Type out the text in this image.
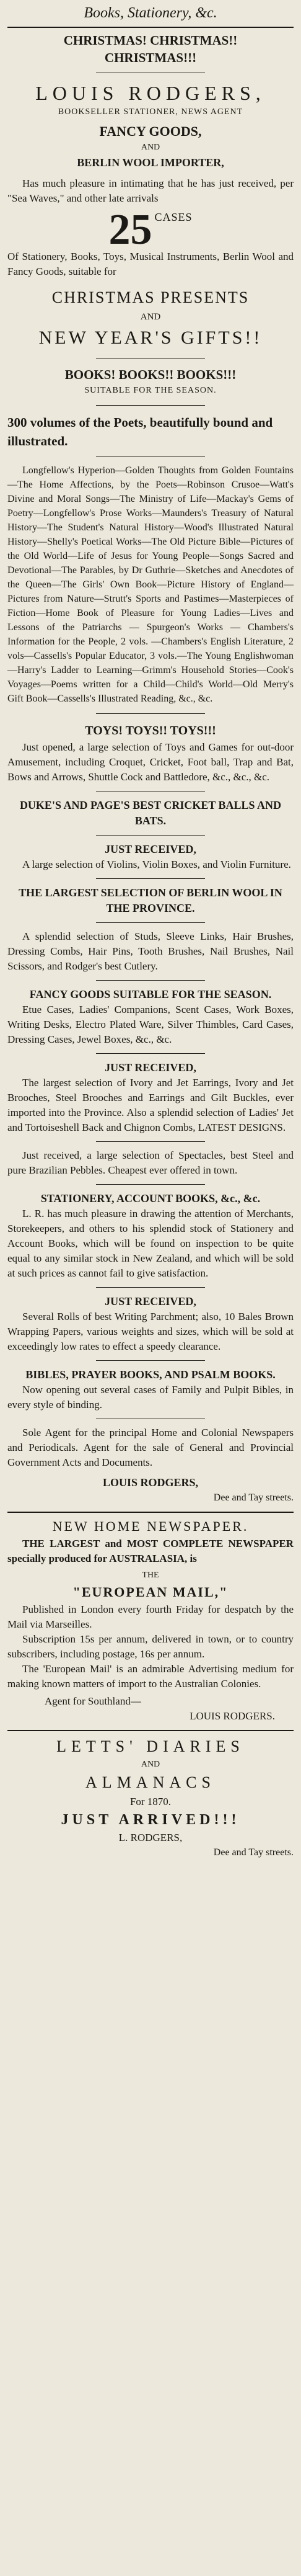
Books, Stationery, &c.

CHRISTMAS! CHRISTMAS!!

CHRISTMAS!!!

LOUIS RODGERS,

BOOKSELLER STATIONER, NEWS AGENT

FANCY GOODS,

AND

BERLIN WOOL IMPORTER,

Has much pleasure in intimating that he has just received, per "Sea Waves," and other late arrivals

25 CASES

Of Stationery, Books, Toys, Musical Instruments, Berlin Wool and Fancy Goods, suitable for

CHRISTMAS PRESENTS

AND

NEW YEAR'S GIFTS!!

BOOKS! BOOKS!! BOOKS!!!

SUITABLE FOR THE SEASON.

300 volumes of the Poets, beautifully bound and illustrated.

Longfellow's Hyperion—Golden Thoughts from Golden Fountains—The Home Affections, by the Poets—Robinson Crusoe—Watt's Divine and Moral Songs—The Ministry of Life—Mackay's Gems of Poetry—Longfellow's Prose Works—Maunders's Treasury of Natural History—The Student's Natural History—Wood's Illustrated Natural History—Shelly's Poetical Works—The Old Picture Bible—Pictures of the Old World—Life of Jesus for Young People—Songs Sacred and Devotional—The Parables, by Dr Guthrie—Sketches and Anecdotes of the Queen—The Girls' Own Book—Picture History of England—Pictures from Nature—Strutt's Sports and Pastimes—Masterpieces of Fiction—Home Book of Pleasure for Young Ladies—Lives and Lessons of the Patriarchs — Spurgeon's Works — Chambers's Information for the People, 2 vols. —Chambers's English Literature, 2 vols—Cassells's Popular Educator, 3 vols.—The Young Englishwoman—Harry's Ladder to Learning—Grimm's Household Stories—Cook's Voyages—Poems written for a Child—Child's World—Old Merry's Gift Book—Cassells's Illustrated Reading, &c., &c.

TOYS! TOYS!! TOYS!!!

Just opened, a large selection of Toys and Games for out-door Amusement, including Croquet, Cricket, Foot ball, Trap and Bat, Bows and Arrows, Shuttle Cock and Battledore, &c., &c., &c.

DUKE'S AND PAGE'S BEST CRICKET BALLS AND BATS.

JUST RECEIVED,

A large selection of Violins, Violin Boxes, and Violin Furniture.

THE LARGEST SELECTION OF BERLIN WOOL IN THE PROVINCE.

A splendid selection of Studs, Sleeve Links, Hair Brushes, Dressing Combs, Hair Pins, Tooth Brushes, Nail Brushes, Nail Scissors, and Rodger's best Cutlery.

FANCY GOODS SUITABLE FOR THE SEASON.

Etue Cases, Ladies' Companions, Scent Cases, Work Boxes, Writing Desks, Electro Plated Ware, Silver Thimbles, Card Cases, Dressing Cases, Jewel Boxes, &c., &c.

JUST RECEIVED,

The largest selection of Ivory and Jet Earrings, Ivory and Jet Brooches, Steel Brooches and Earrings and Gilt Buckles, ever imported into the Province. Also a splendid selection of Ladies' Jet and Tortoiseshell Back and Chignon Combs, LATEST DESIGNS.

Just received, a large selection of Spectacles, best Steel and pure Brazilian Pebbles. Cheapest ever offered in town.

STATIONERY, ACCOUNT BOOKS, &c., &c.

L. R. has much pleasure in drawing the attention of Merchants, Storekeepers, and others to his splendid stock of Stationery and Account Books, which will be found on inspection to be quite equal to any similar stock in New Zealand, and which will be sold at such prices as cannot fail to give satisfaction.

JUST RECEIVED,

Several Rolls of best Writing Parchment; also, 10 Bales Brown Wrapping Papers, various weights and sizes, which will be sold at exceedingly low rates to effect a speedy clearance.

BIBLES, PRAYER BOOKS, AND PSALM BOOKS.

Now opening out several cases of Family and Pulpit Bibles, in every style of binding.

Sole Agent for the principal Home and Colonial Newspapers and Periodicals. Agent for the sale of General and Provincial Government Acts and Documents.

LOUIS RODGERS,

Dee and Tay streets.

NEW HOME NEWSPAPER.

THE LARGEST and MOST COMPLETE NEWSPAPER specially produced for AUSTRALASIA, is

THE

"EUROPEAN MAIL,"

Published in London every fourth Friday for despatch by the Mail via Marseilles.

Subscription 15s per annum, delivered in town, or to country subscribers, including postage, 16s per annum.

The 'European Mail' is an admirable Advertising medium for making known matters of import to the Australian Colonies.

Agent for Southland—

LOUIS RODGERS.

LETTS' DIARIES

AND

ALMANACS

For 1870.

JUST ARRIVED!!!

L. RODGERS,

Dee and Tay streets.
